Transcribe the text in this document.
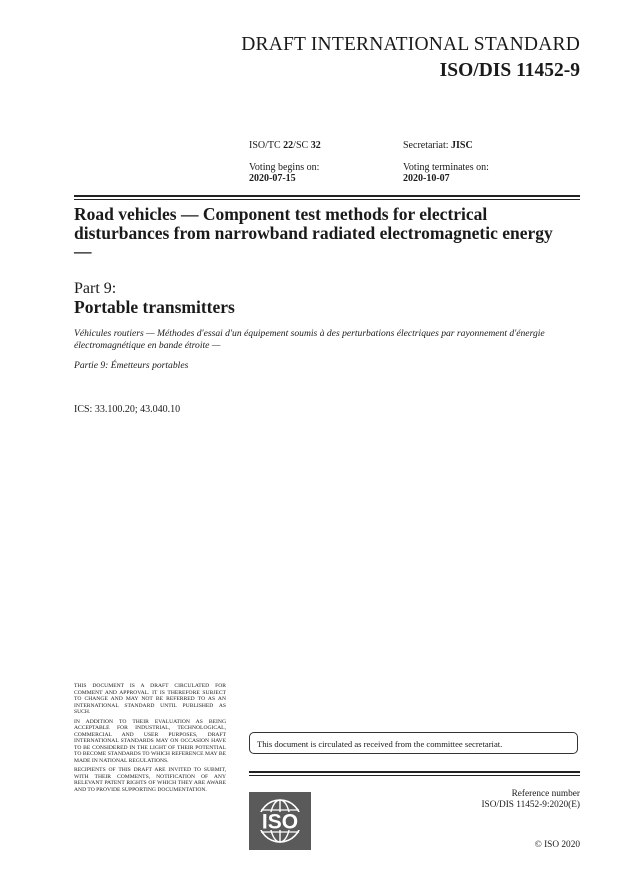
DRAFT INTERNATIONAL STANDARD
ISO/DIS 11452-9
ISO/TC 22/SC 32	Secretariat: JISC
Voting begins on:
2020-07-15
Voting terminates on:
2020-10-07
Road vehicles — Component test methods for electrical disturbances from narrowband radiated electromagnetic energy —
Part 9:
Portable transmitters
Véhicules routiers — Méthodes d'essai d'un équipement soumis à des perturbations électriques par rayonnement d'énergie électromagnétique en bande étroite —
Partie 9: Émetteurs portables
ICS: 33.100.20; 43.040.10

THIS DOCUMENT IS A DRAFT CIRCULATED FOR COMMENT AND APPROVAL. IT IS THEREFORE SUBJECT TO CHANGE AND MAY NOT BE REFERRED TO AS AN INTERNATIONAL STANDARD UNTIL PUBLISHED AS SUCH.

IN ADDITION TO THEIR EVALUATION AS BEING ACCEPTABLE FOR INDUSTRIAL, TECHNOLOGICAL, COMMERCIAL AND USER PURPOSES, DRAFT INTERNATIONAL STANDARDS MAY ON OCCASION HAVE TO BE CONSIDERED IN THE LIGHT OF THEIR POTENTIAL TO BECOME STANDARDS TO WHICH REFERENCE MAY BE MADE IN NATIONAL REGULATIONS.

RECIPIENTS OF THIS DRAFT ARE INVITED TO SUBMIT, WITH THEIR COMMENTS, NOTIFICATION OF ANY RELEVANT PATENT RIGHTS OF WHICH THEY ARE AWARE AND TO PROVIDE SUPPORTING DOCUMENTATION.

This document is circulated as received from the committee secretariat.
ISO
Reference number
ISO/DIS 11452-9:2020(E)
© ISO 2020
